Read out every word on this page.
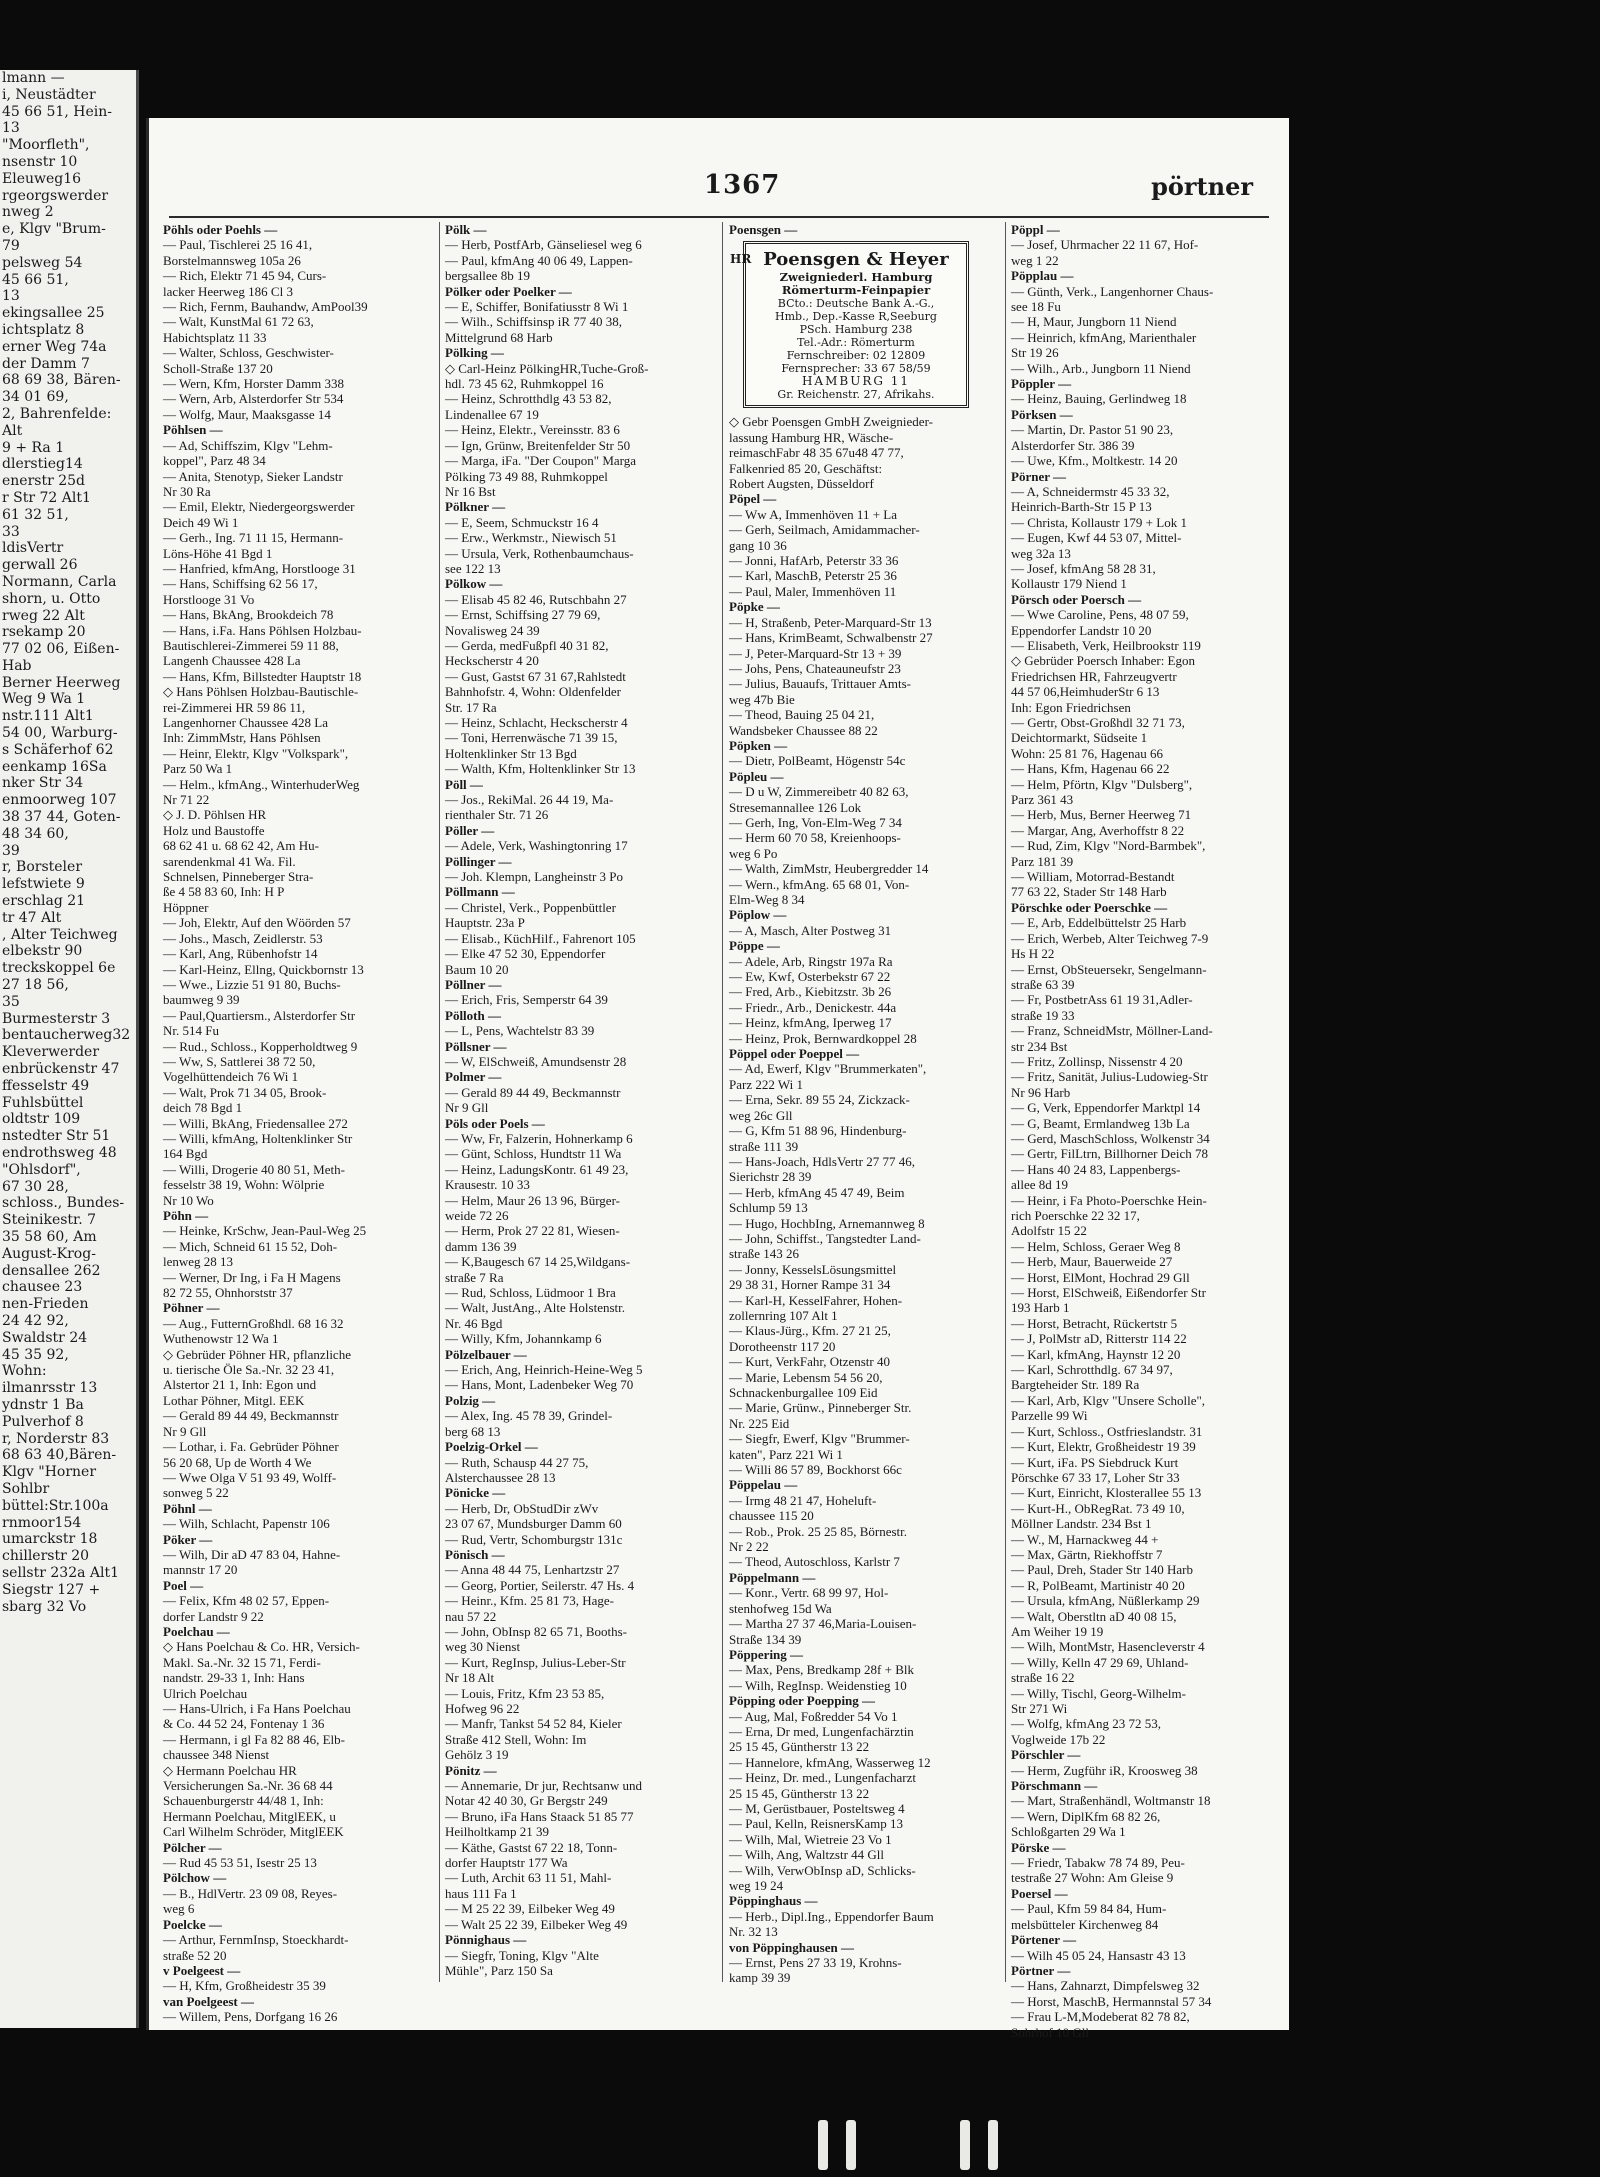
lmann —
i, Neustädter
45 66 51, Hein-
13
"Moorfleth",
nsenstr 10
Eleuweg16
rgeorgswerder
nweg 2
e, Klgv "Brum-
79
pelsweg 54
45 66 51,
13
ekingsallee 25
ichtsplatz 8
erner Weg 74a
der Damm 7
68 69 38, Bären-
34 01 69,
2, Bahrenfelde:
Alt
9 + Ra 1
dlerstieg14
enerstr 25d
r Str 72 Alt1
61 32 51,
33
ldisVertr
gerwall 26
Normann, Carla
shorn, u. Otto
rweg 22 Alt
rsekamp 20
77 02 06, Eißen-
Hab
Berner Heerweg
Weg 9 Wa 1
nstr.111 Alt1
54 00, Warburg-
s Schäferhof 62
eenkamp 16Sa
nker Str 34
enmoorweg 107
38 37 44, Goten-
48 34 60,
39
r, Borsteler
lefstwiete 9
erschlag 21
tr 47 Alt
, Alter Teichweg
elbekstr 90
treckskoppel 6e
27 18 56,
35
Burmesterstr 3
bentaucherweg32
Kleverwerder
enbrückenstr 47
ffesselstr 49
Fuhlsbüttel
oldtstr 109
nstedter Str 51
endrothsweg 48
"Ohlsdorf",
67 30 28,
schloss., Bundes-
Steinikestr. 7
35 58 60, Am
August-Krog-
densallee 262
chausee 23
nen-Frieden
24 42 92,
Swaldstr 24
45 35 92,
Wohn:
ilmanrsstr 13
ydnstr 1 Ba
Pulverhof 8
r, Norderstr 83
68 63 40,Bären-
Klgv "Horner
Sohlbr
büttel:Str.100a
rnmoor154
umarckstr 18
chillerstr 20
sellstr 232a Alt1
Siegstr 127 +
sbarg 32 Vo
1367	pörtner
Pöhls oder Poehls —
— Paul, Tischlerei 25 16 41,
Borstelmannsweg 105a 26
— Rich, Elektr 71 45 94, Curs-
lacker Heerweg 186 Cl 3
— Rich, Fernm, Bauhandw, AmPool39
— Walt, KunstMal 61 72 63,
Habichtsplatz 11 33
— Walter, Schloss, Geschwister-
Scholl-Straße 137 20
— Wern, Kfm, Horster Damm 338
— Wern, Arb, Alsterdorfer Str 534
— Wolfg, Maur, Maaksgasse 14
Pöhlsen —
— Ad, Schiffszim, Klgv "Lehm-
koppel", Parz 48 34
— Anita, Stenotyp, Sieker Landstr
Nr 30 Ra
— Emil, Elektr, Niedergeorgswerder
Deich 49 Wi 1
— Gerh., Ing. 71 11 15, Hermann-
Löns-Höhe 41 Bgd 1
— Hanfried, kfmAng, Horstlooge 31
— Hans, Schiffsing 62 56 17,
Horstlooge 31 Vo
— Hans, BkAng, Brookdeich 78
— Hans, i.Fa. Hans Pöhlsen Holzbau-
Bautischlerei-Zimmerei 59 11 88,
Langenh Chaussee 428 La
— Hans, Kfm, Billstedter Hauptstr 18
◇ Hans Pöhlsen Holzbau-Bautischle-
rei-Zimmerei HR 59 86 11,
Langenhorner Chaussee 428 La
Inh: ZimmMstr, Hans Pöhlsen
— Heinr, Elektr, Klgv "Volkspark",
Parz 50 Wa 1
— Helm., kfmAng., WinterhuderWeg
Nr 71 22
◇ J. D. Pöhlsen HR
Holz und Baustoffe
68 62 41 u. 68 62 42, Am Hu-
sarendenkmal 41 Wa. Fil.
Schnelsen, Pinneberger Stra-
ße 4 58 83 60, Inh: H P
Höppner
— Joh, Elektr, Auf den Wöörden 57
— Johs., Masch, Zeidlerstr. 53
— Karl, Ang, Rübenhofstr 14
— Karl-Heinz, Ellng, Quickbornstr 13
— Wwe., Lizzie 51 91 80, Buchs-
baumweg 9 39
— Paul,Quartiersm., Alsterdorfer Str
Nr. 514 Fu
— Rud., Schloss., Kopperholdtweg 9
— Ww, S, Sattlerei 38 72 50,
Vogelhüttendeich 76 Wi 1
— Walt, Prok 71 34 05, Brook-
deich 78 Bgd 1
— Willi, BkAng, Friedensallee 272
— Willi, kfmAng, Holtenklinker Str
164 Bgd
— Willi, Drogerie 40 80 51, Meth-
fesselstr 38 19, Wohn: Wölprie
Nr 10 Wo
Pöhn —
— Heinke, KrSchw, Jean-Paul-Weg 25
— Mich, Schneid 61 15 52, Doh-
lenweg 28 13
— Werner, Dr Ing, i Fa H Magens
82 72 55, Ohnhorststr 37
Pöhner —
— Aug., FutternGroßhdl. 68 16 32
Wuthenowstr 12 Wa 1
◇ Gebrüder Pöhner HR, pflanzliche
u. tierische Öle Sa.-Nr. 32 23 41,
Alstertor 21 1, Inh: Egon und
Lothar Pöhner, Mitgl. EEK
— Gerald 89 44 49, Beckmannstr
Nr 9 Gll
— Lothar, i. Fa. Gebrüder Pöhner
56 20 68, Up de Worth 4 We
— Wwe Olga V 51 93 49, Wolff-
sonweg 5 22
Pöhnl —
— Wilh, Schlacht, Papenstr 106
Pöker —
— Wilh, Dir aD 47 83 04, Hahne-
mannstr 17 20
Poel —
— Felix, Kfm 48 02 57, Eppen-
dorfer Landstr 9 22
Poelchau —
◇ Hans Poelchau & Co. HR, Versich-
Makl. Sa.-Nr. 32 15 71, Ferdi-
nandstr. 29-33 1, Inh: Hans
Ulrich Poelchau
— Hans-Ulrich, i Fa Hans Poelchau
& Co. 44 52 24, Fontenay 1 36
— Hermann, i gl Fa 82 88 46, Elb-
chaussee 348 Nienst
◇ Hermann Poelchau HR
Versicherungen Sa.-Nr. 36 68 44
Schauenburgerstr 44/48 1, Inh:
Hermann Poelchau, MitglEEK, u
Carl Wilhelm Schröder, MitglEEK
Pölcher —
— Rud 45 53 51, Isestr 25 13
Pölchow —
— B., HdlVertr. 23 09 08, Reyes-
weg 6
Poelcke —
— Arthur, FernmInsp, Stoeckhardt-
straße 52 20
v Poelgeest —
— H, Kfm, Großheidestr 35 39
van Poelgeest —
— Willem, Pens, Dorfgang 16 26
Pölk —
— Herb, PostfArb, Gänseliesel weg 6
— Paul, kfmAng 40 06 49, Lappen-
bergsallee 8b 19
Pölker oder Poelker —
— E, Schiffer, Bonifatiusstr 8 Wi 1
— Wilh., Schiffsinsp iR 77 40 38,
Mittelgrund 68 Harb
Pölking —
◇ Carl-Heinz PölkingHR,Tuche-Groß-
hdl. 73 45 62, Ruhmkoppel 16
— Heinz, Schrotthdlg 43 53 82,
Lindenallee 67 19
— Heinz, Elektr., Vereinsstr. 83 6
— Ign, Grünw, Breitenfelder Str 50
— Marga, iFa. "Der Coupon" Marga
Pölking 73 49 88, Ruhmkoppel
Nr 16 Bst
Pölkner —
— E, Seem, Schmuckstr 16 4
— Erw., Werkmstr., Niewisch 51
— Ursula, Verk, Rothenbaumchaus-
see 122 13
Pölkow —
— Elisab 45 82 46, Rutschbahn 27
— Ernst, Schiffsing 27 79 69,
Novalisweg 24 39
— Gerda, medFußpfl 40 31 82,
Heckscherstr 4 20
— Gust, Gastst 67 31 67,Rahlstedt
Bahnhofstr. 4, Wohn: Oldenfelder
Str. 17 Ra
— Heinz, Schlacht, Heckscherstr 4
— Toni, Herrenwäsche 71 39 15,
Holtenklinker Str 13 Bgd
— Walth, Kfm, Holtenklinker Str 13
Pöll —
— Jos., RekiMal. 26 44 19, Ma-
rienthaler Str. 71 26
Pöller —
— Adele, Verk, Washingtonring 17
Pöllinger —
— Joh. Klempn, Langheinstr 3 Po
Pöllmann —
— Christel, Verk., Poppenbüttler
Hauptstr. 23a P
— Elisab., KüchHilf., Fahrenort 105
— Elke 47 52 30, Eppendorfer
Baum 10 20
Pöllner —
— Erich, Fris, Semperstr 64 39
Pölloth —
— L, Pens, Wachtelstr 83 39
Pöllsner —
— W, ElSchweiß, Amundsenstr 28
Polmer —
— Gerald 89 44 49, Beckmannstr
Nr 9 Gll
Pöls oder Poels —
— Ww, Fr, Falzerin, Hohnerkamp 6
— Günt, Schloss, Hundtstr 11 Wa
— Heinz, LadungsKontr. 61 49 23,
Krausestr. 10 33
— Helm, Maur 26 13 96, Bürger-
weide 72 26
— Herm, Prok 27 22 81, Wiesen-
damm 136 39
— K,Baugesch 67 14 25,Wildgans-
straße 7 Ra
— Rud, Schloss, Lüdmoor 1 Bra
— Walt, JustAng., Alte Holstenstr.
Nr. 46 Bgd
— Willy, Kfm, Johannkamp 6
Pölzelbauer —
— Erich, Ang, Heinrich-Heine-Weg 5
— Hans, Mont, Ladenbeker Weg 70
Polzig —
— Alex, Ing. 45 78 39, Grindel-
berg 68 13
Poelzig-Orkel —
— Ruth, Schausp 44 27 75,
Alsterchaussee 28 13
Pönicke —
— Herb, Dr, ObStudDir zWv
23 07 67, Mundsburger Damm 60
— Rud, Vertr, Schomburgstr 131c
Pönisch —
— Anna 48 44 75, Lenhartzstr 27
— Georg, Portier, Seilerstr. 47 Hs. 4
— Heinr., Kfm. 25 81 73, Hage-
nau 57 22
— John, ObInsp 82 65 71, Booths-
weg 30 Nienst
— Kurt, RegInsp, Julius-Leber-Str
Nr 18 Alt
— Louis, Fritz, Kfm 23 53 85,
Hofweg 96 22
— Manfr, Tankst 54 52 84, Kieler
Straße 412 Stell, Wohn: Im
Gehölz 3 19
Pönitz —
— Annemarie, Dr jur, Rechtsanw und
Notar 42 40 30, Gr Bergstr 249
— Bruno, iFa Hans Staack 51 85 77
Heilholtkamp 21 39
— Käthe, Gastst 67 22 18, Tonn-
dorfer Hauptstr 177 Wa
— Luth, Archit 63 11 51, Mahl-
haus 111 Fa 1
— M 25 22 39, Eilbeker Weg 49
— Walt 25 22 39, Eilbeker Weg 49
Pönnighaus —
— Siegfr, Toning, Klgv "Alte
Mühle", Parz 150 Sa
Poensgen —
HR Poensgen & Heyer
Zweigniederl. Hamburg
Römerturm-Feinpapier
BCto.: Deutsche Bank A.-G.,
Hmb., Dep.-Kasse R,Seeburg
PSch. Hamburg 238
Tel.-Adr.: Römerturm
Fernschreiber: 02 12809
Fernsprecher: 33 67 58/59
HAMBURG 11
Gr. Reichenstr. 27, Afrikahs.
◇ Gebr Poensgen GmbH Zweignieder-
lassung Hamburg HR, Wäsche-
reimaschFabr 48 35 67u48 47 77,
Falkenried 85 20, Geschäftst:
Robert Augsten, Düsseldorf
Pöpel —
— Ww A, Immenhöven 11 + La
— Gerh, Seilmach, Amidammacher-
gang 10 36
— Jonni, HafArb, Peterstr 33 36
— Karl, MaschB, Peterstr 25 36
— Paul, Maler, Immenhöven 11
Pöpke —
— H, Straßenb, Peter-Marquard-Str 13
— Hans, KrimBeamt, Schwalbenstr 27
— J, Peter-Marquard-Str 13 + 39
— Johs, Pens, Chateauneufstr 23
— Julius, Bauaufs, Trittauer Amts-
weg 47b Bie
— Theod, Bauing 25 04 21,
Wandsbeker Chaussee 88 22
Pöpken —
— Dietr, PolBeamt, Högenstr 54c
Pöpleu —
— D u W, Zimmereibetr 40 82 63,
Stresemannallee 126 Lok
— Gerh, Ing, Von-Elm-Weg 7 34
— Herm 60 70 58, Kreienhoops-
weg 6 Po
— Walth, ZimMstr, Heubergredder 14
— Wern., kfmAng. 65 68 01, Von-
Elm-Weg 8 34
Pöplow —
— A, Masch, Alter Postweg 31
Pöppe —
— Adele, Arb, Ringstr 197a Ra
— Ew, Kwf, Osterbekstr 67 22
— Fred, Arb., Kiebitzstr. 3b 26
— Friedr., Arb., Denickestr. 44a
— Heinz, kfmAng, Iperweg 17
— Heinz, Prok, Bernwardkoppel 28
Pöppel oder Poeppel —
— Ad, Ewerf, Klgv "Brummerkaten",
Parz 222 Wi 1
— Erna, Sekr. 89 55 24, Zickzack-
weg 26c Gll
— G, Kfm 51 88 96, Hindenburg-
straße 111 39
— Hans-Joach, HdlsVertr 27 77 46,
Sierichstr 28 39
— Herb, kfmAng 45 47 49, Beim
Schlump 59 13
— Hugo, HochbIng, Arnemannweg 8
— John, Schiffst., Tangstedter Land-
straße 143 26
— Jonny, KesselsLösungsmittel
29 38 31, Horner Rampe 31 34
— Karl-H, KesselFahrer, Hohen-
zollernring 107 Alt 1
— Klaus-Jürg., Kfm. 27 21 25,
Dorotheenstr 117 20
— Kurt, VerkFahr, Otzenstr 40
— Marie, Lebensm 54 56 20,
Schnackenburgallee 109 Eid
— Marie, Grünw., Pinneberger Str.
Nr. 225 Eid
— Siegfr, Ewerf, Klgv "Brummer-
katen", Parz 221 Wi 1
— Willi 86 57 89, Bockhorst 66c
Pöppelau —
— Irmg 48 21 47, Hoheluft-
chaussee 115 20
— Rob., Prok. 25 25 85, Börnestr.
Nr 2 22
— Theod, Autoschloss, Karlstr 7
Pöppelmann —
— Konr., Vertr. 68 99 97, Hol-
stenhofweg 15d Wa
— Martha 27 37 46,Maria-Louisen-
Straße 134 39
Pöppering —
— Max, Pens, Bredkamp 28f + Blk
— Wilh, RegInsp. Weidenstieg 10
Pöpping oder Poepping —
— Aug, Mal, Foßredder 54 Vo 1
— Erna, Dr med, Lungenfachärztin
25 15 45, Güntherstr 13 22
— Hannelore, kfmAng, Wasserweg 12
— Heinz, Dr. med., Lungenfacharzt
25 15 45, Güntherstr 13 22
— M, Gerüstbauer, Posteltsweg 4
— Paul, Kelln, ReisnersKamp 13
— Wilh, Mal, Wietreie 23 Vo 1
— Wilh, Ang, Waltzstr 44 Gll
— Wilh, VerwObInsp aD, Schlicks-
weg 19 24
Pöppinghaus —
— Herb., Dipl.Ing., Eppendorfer Baum
Nr. 32 13
von Pöppinghausen —
— Ernst, Pens 27 33 19, Krohns-
kamp 39 39
Pöppl —
— Josef, Uhrmacher 22 11 67, Hof-
weg 1 22
Pöpplau —
— Günth, Verk., Langenhorner Chaus-
see 18 Fu
— H, Maur, Jungborn 11 Niend
— Heinrich, kfmAng, Marienthaler
Str 19 26
— Wilh., Arb., Jungborn 11 Niend
Pöppler —
— Heinz, Bauing, Gerlindweg 18
Pörksen —
— Martin, Dr. Pastor 51 90 23,
Alsterdorfer Str. 386 39
— Uwe, Kfm., Moltkestr. 14 20
Pörner —
— A, Schneidermstr 45 33 32,
Heinrich-Barth-Str 15 P 13
— Christa, Kollaustr 179 + Lok 1
— Eugen, Kwf 44 53 07, Mittel-
weg 32a 13
— Josef, kfmAng 58 28 31,
Kollaustr 179 Niend 1
Pörsch oder Poersch —
— Wwe Caroline, Pens, 48 07 59,
Eppendorfer Landstr 10 20
— Elisabeth, Verk, Heilbrookstr 119
◇ Gebrüder Poersch Inhaber: Egon
Friedrichsen HR, Fahrzeugvertr
44 57 06,HeimhuderStr 6 13
Inh: Egon Friedrichsen
— Gertr, Obst-Großhdl 32 71 73,
Deichtormarkt, Südseite 1
Wohn: 25 81 76, Hagenau 66
— Hans, Kfm, Hagenau 66 22
— Helm, Pförtn, Klgv "Dulsberg",
Parz 361 43
— Herb, Mus, Berner Heerweg 71
— Margar, Ang, Averhoffstr 8 22
— Rud, Zim, Klgv "Nord-Barmbek",
Parz 181 39
— William, Motorrad-Bestandt
77 63 22, Stader Str 148 Harb
Pörschke oder Poerschke —
— E, Arb, Eddelbüttelstr 25 Harb
— Erich, Werbeb, Alter Teichweg 7-9
Hs H 22
— Ernst, ObSteuersekr, Sengelmann-
straße 63 39
— Fr, PostbetrAss 61 19 31,Adler-
straße 19 33
— Franz, SchneidMstr, Möllner-Land-
str 234 Bst
— Fritz, Zollinsp, Nissenstr 4 20
— Fritz, Sanität, Julius-Ludowieg-Str
Nr 96 Harb
— G, Verk, Eppendorfer Marktpl 14
— G, Beamt, Ermlandweg 13b La
— Gerd, MaschSchloss, Wolkenstr 34
— Gertr, FilLtrn, Billhorner Deich 78
— Hans 40 24 83, Lappenbergs-
allee 8d 19
— Heinr, i Fa Photo-Poerschke Hein-
rich Poerschke 22 32 17,
Adolfstr 15 22
— Helm, Schloss, Geraer Weg 8
— Herb, Maur, Bauerweide 27
— Horst, ElMont, Hochrad 29 Gll
— Horst, ElSchweiß, Eißendorfer Str
193 Harb 1
— Horst, Betracht, Rückertstr 5
— J, PolMstr aD, Ritterstr 114 22
— Karl, kfmAng, Haynstr 12 20
— Karl, Schrotthdlg. 67 34 97,
Bargteheider Str. 189 Ra
— Karl, Arb, Klgv "Unsere Scholle",
Parzelle 99 Wi
— Kurt, Schloss., Ostfrieslandstr. 31
— Kurt, Elektr, Großheidestr 19 39
— Kurt, iFa. PS Siebdruck Kurt
Pörschke 67 33 17, Loher Str 33
— Kurt, Einricht, Klosterallee 55 13
— Kurt-H., ObRegRat. 73 49 10,
Möllner Landstr. 234 Bst 1
— W., M, Harnackweg 44 +
— Max, Gärtn, Riekhoffstr 7
— Paul, Dreh, Stader Str 140 Harb
— R, PolBeamt, Martinistr 40 20
— Ursula, kfmAng, Nüßlerkamp 29
— Walt, Oberstltn aD 40 08 15,
Am Weiher 19 19
— Wilh, MontMstr, Hasencleverstr 4
— Willy, Kelln 47 29 69, Uhland-
straße 16 22
— Willy, Tischl, Georg-Wilhelm-
Str 271 Wi
— Wolfg, kfmAng 23 72 53,
Voglweide 17b 22
Pörschler —
— Herm, Zugführ iR, Kroosweg 38
Pörschmann —
— Mart, Straßenhändl, Woltmanstr 18
— Wern, DiplKfm 68 82 26,
Schloßgarten 29 Wa 1
Pörske —
— Friedr, Tabakw 78 74 89, Peu-
testraße 27 Wohn: Am Gleise 9
Poersel —
— Paul, Kfm 59 84 84, Hum-
melsbütteler Kirchenweg 84
Pörtener —
— Wilh 45 05 24, Hansastr 43 13
Pörtner —
— Hans, Zahnarzt, Dimpfelsweg 32
— Horst, MaschB, Hermannstal 57 34
— Frau L-M,Modeberat 82 78 82,
Sohrhof 10 Gll
